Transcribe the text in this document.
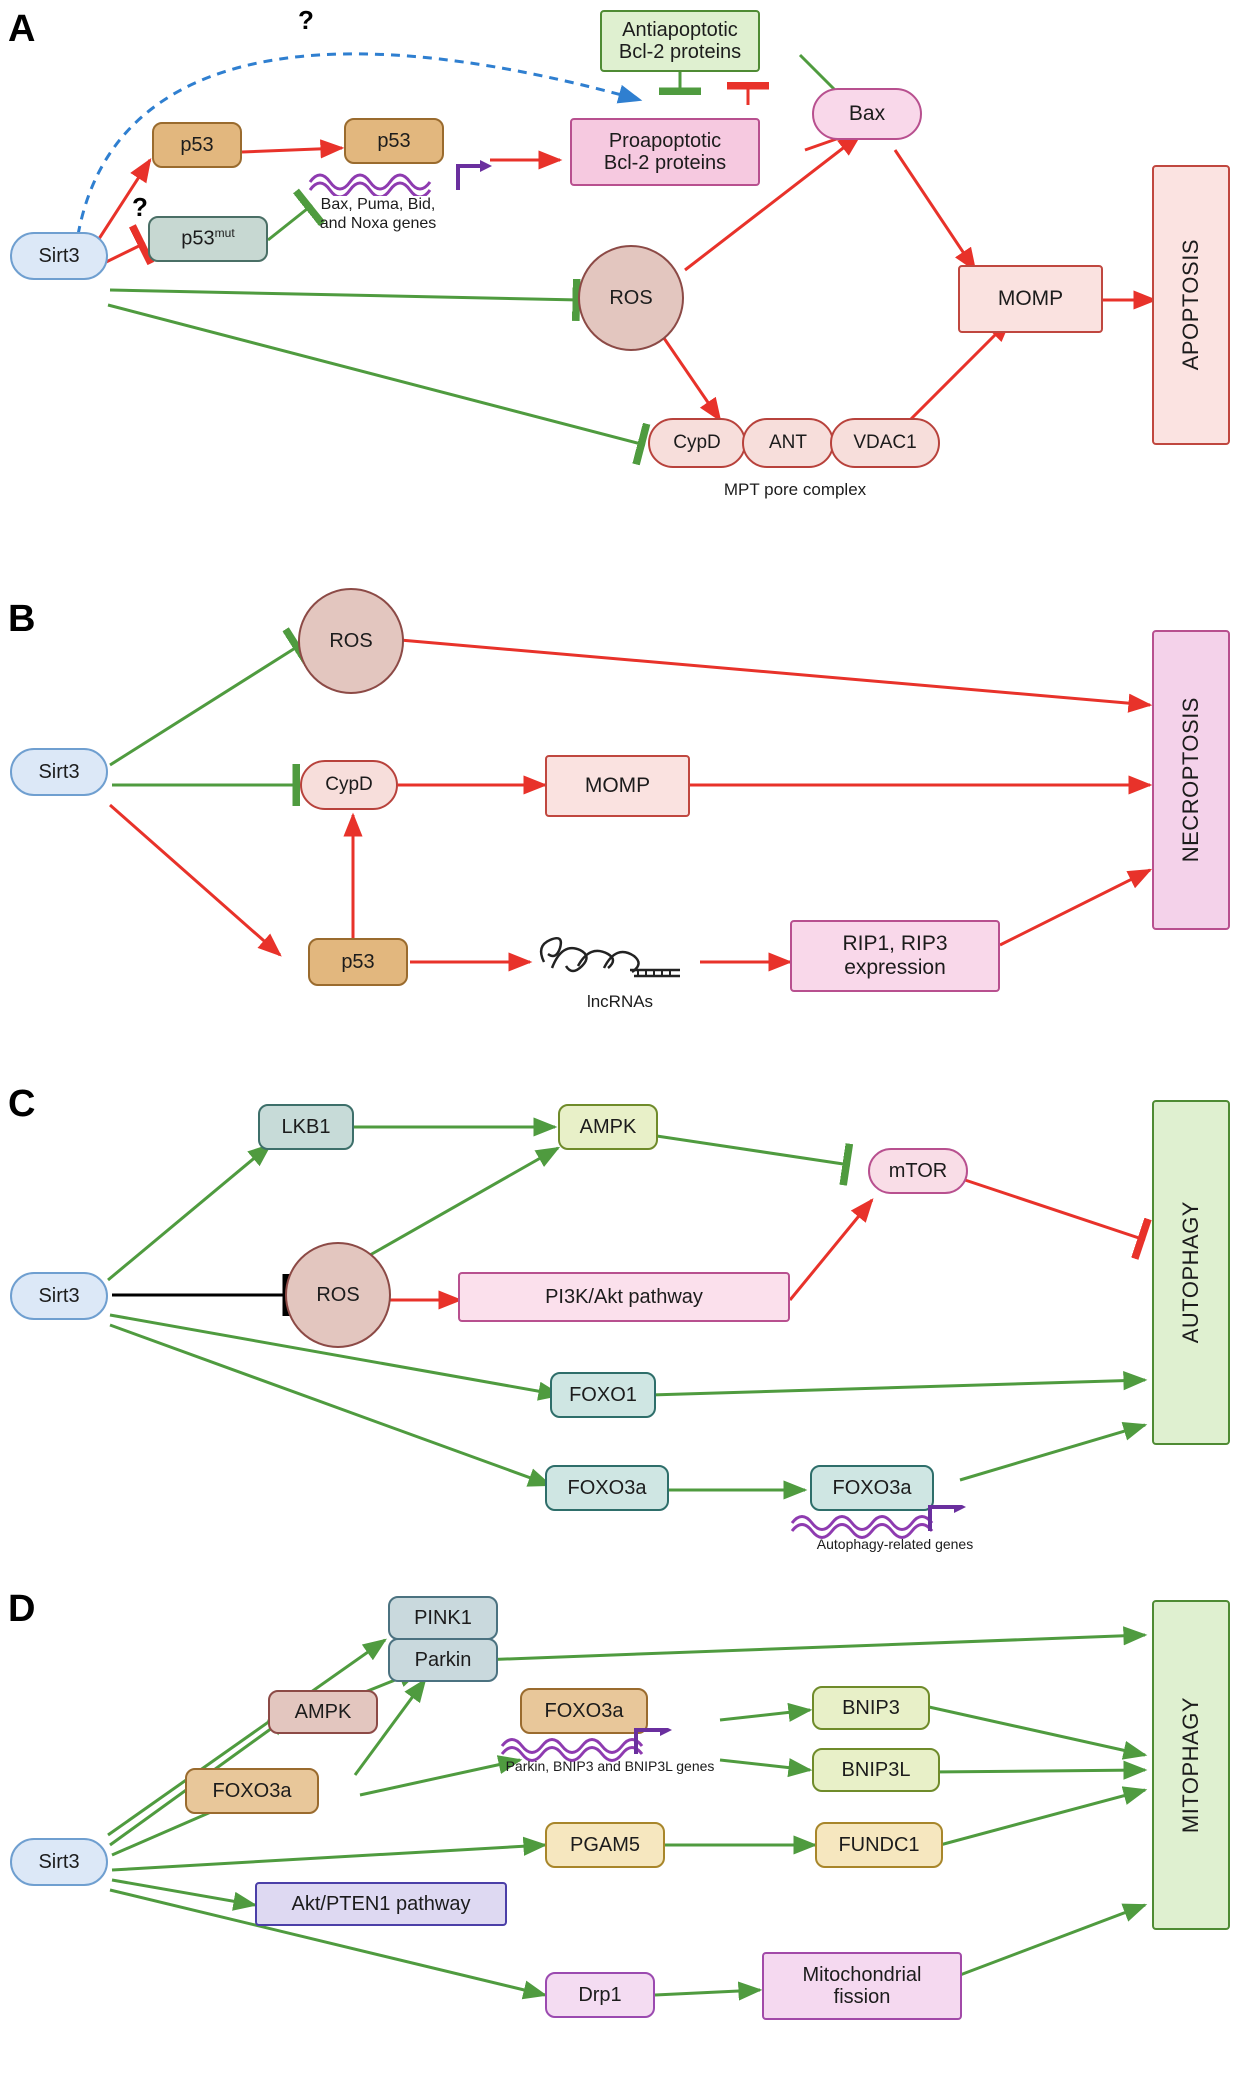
A
Sirt3
p53
$p53^{mut}$
p53
Bax, Puma, Bid,
and Noxa genes
Antiapoptotic
Bcl-2 proteins
Proapoptotic
Bcl-2 proteins
Bax
ROS	MOMP	APOPTOSIS
CypD	ANT	VDAC1
MPT pore complex
?
?
B
Sirt3
ROS
CypD	MOMP
p53
lncRNAs
RIP1, RIP3
expression
NECROPTOSIS
C
Sirt3
LKB1	AMPK
mTOR
ROS	PI3K/Akt pathway
FOXO1
FOXO3a	FOXO3a
Autophagy-related genes
AUTOPHAGY
D
Sirt3
PINK1
Parkin
AMPK
FOXO3a
FOXO3a
Parkin, BNIP3 and BNIP3L genes
BNIP3
BNIP3L
PGAM5	FUNDC1
Akt/PTEN1 pathway
Drp1
Mitochondrial
fission
MITOPHAGY
